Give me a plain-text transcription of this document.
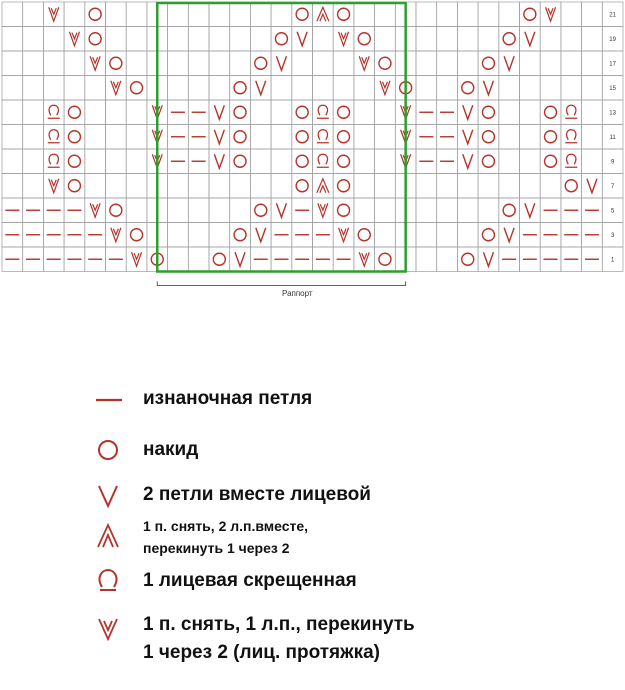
21
19
17
15
13
11
9
7
5
3
1
Раппорт
изнаночная петля
накид
2 петли вместе лицевой
1 п. снять, 2 л.п.вместе,
перекинуть 1 через 2
1 лицевая скрещенная
1 п. снять, 1 л.п., перекинуть
1 через 2 (лиц. протяжка)
